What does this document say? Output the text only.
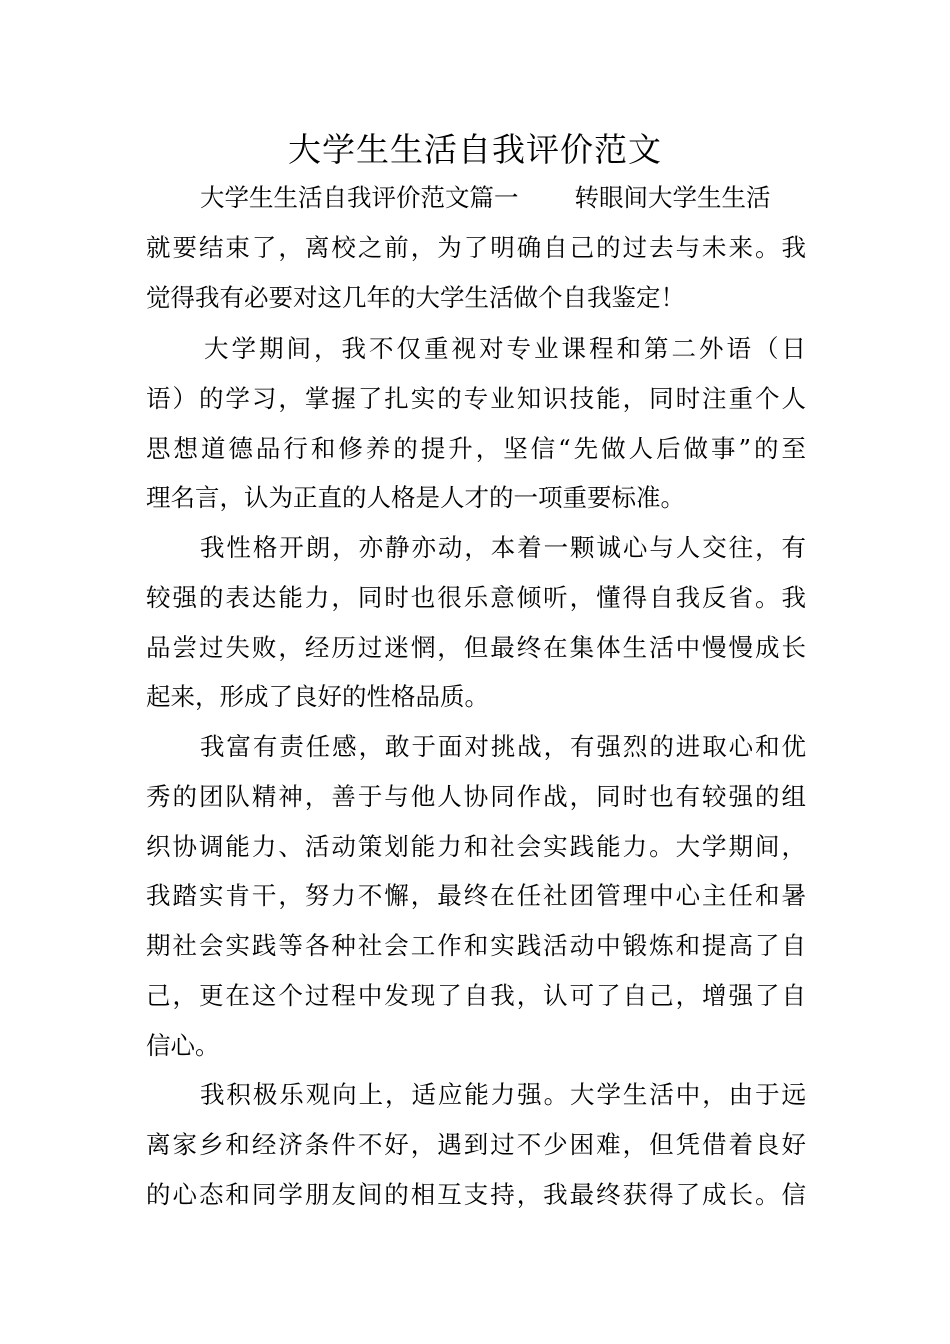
大学生生活自我评价范文
大学生生活自我评价范文篇一 转眼间大学生生活
就要结束了，离校之前，为了明确自己的过去与未来。我
觉得我有必要对这几年的大学生活做个自我鉴定！
大学期间，我不仅重视对专业课程和第二外语（日
语）的学习，掌握了扎实的专业知识技能，同时注重个人
思想道德品行和修养的提升，坚信“先做人后做事”的至
理名言，认为正直的人格是人才的一项重要标准。
我性格开朗，亦静亦动，本着一颗诚心与人交往，有
较强的表达能力，同时也很乐意倾听，懂得自我反省。我
品尝过失败，经历过迷惘，但最终在集体生活中慢慢成长
起来，形成了良好的性格品质。
我富有责任感，敢于面对挑战，有强烈的进取心和优
秀的团队精神，善于与他人协同作战，同时也有较强的组
织协调能力、活动策划能力和社会实践能力。大学期间，
我踏实肯干，努力不懈，最终在任社团管理中心主任和暑
期社会实践等各种社会工作和实践活动中锻炼和提高了自
己，更在这个过程中发现了自我，认可了自己，增强了自
信心。
我积极乐观向上，适应能力强。大学生活中，由于远
离家乡和经济条件不好，遇到过不少困难，但凭借着良好
的心态和同学朋友间的相互支持，我最终获得了成长。信
